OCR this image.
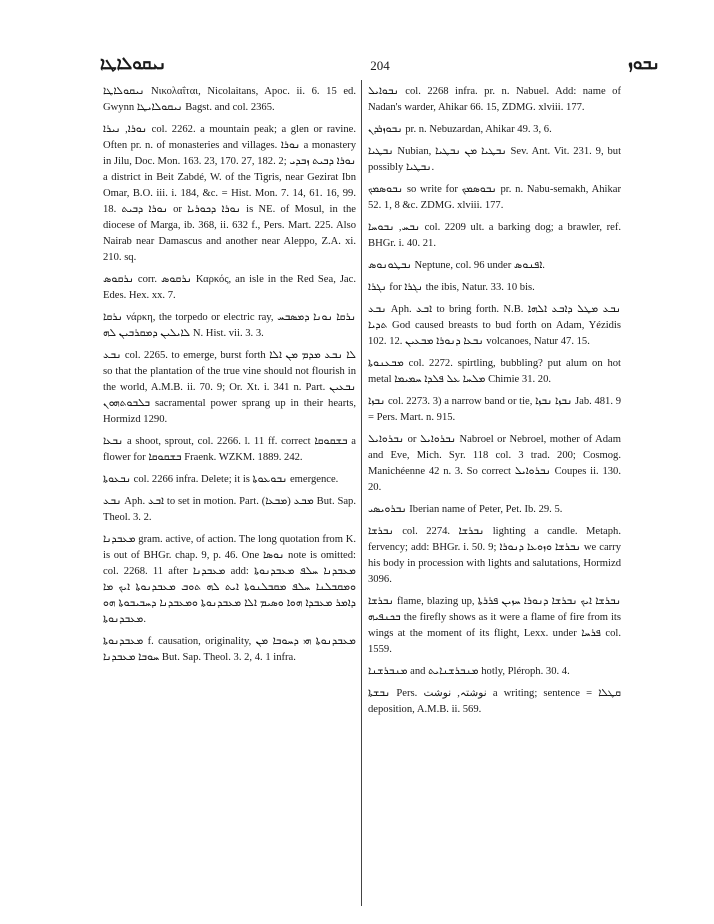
ܢܝܩܘܠܐܛܐ	204	ܢܒܘܙ

ܢܝܩܘܠܐܛܐ Νικολαΐται, Nicolaitans, Apoc. ii. 6. 15 ed. Gwynn ܢܝܩܘܠܐܝܛܐ Bagst. and col. 2365.

ܢܘܪܐ, ܢܝܪܐ col. 2262. a mountain peak; a glen or ravine. Often pr. n. of monasteries and villages. ܢܘܪܐ a monastery in Jilu, Doc. Mon. 163. 23, 170. 27, 182. 2; ܢܘܪܐ ܕܒܝܬ ܙܒܕܝ a district in Beit Zabdé, W. of the Tigris, near Gezirat Ibn Omar, B.O. iii. i. 184, &c. = Hist. Mon. 7. 14, 61. 16, 99. 18. ܢܘܪܐ ܕܒܝܬ or ܢܘܪܐ ܕܟܘܪܝܐ is NE. of Mosul, in the diocese of Marga, ib. 368, ii. 632 f., Pers. Mart. 225. Also Nairab near Damascus and another near Aleppo, Z.A. xi. 210. sq.

ܢܪܩܘܣ corr. ܢܪܩܘܣ Καρκός, an isle in the Red Sea, Jac. Edes. Hex. xx. 7.

ܢܪܩܐ νάρκη, the torpedo or electric ray, ܢܪܩܐ ܢܘܢܐ ܕܡܣܒܚ ܠܐܝܠܝܢ ܕܡܩܪܒܝܢ ܠܗ N. Hist. vii. 3. 3.

ܢܒܥ col. 2265. to emerge, burst forth ܠܐ ܢܒܥ ܡܕܡ ܡܢ ܐܠܐ so that the plantation of the true vine should not flourish in the world, A.M.B. ii. 70. 9; Or. Xt. i. 341 n. Part. ܢܒܥܝܢ ܒܠܒܘܬܗܘܢ sacramental power sprang up in their hearts, Hormizd 1290.

ܢܒܥܐ a shoot, sprout, col. 2266. l. 11 ff. correct ܒܫܩܘܩܐ a flower for ܒܫܩܘܩܐ Fraenk. WZKM. 1889. 242.

ܢܒܥܘܬܐ col. 2266 infra. Delete; it is ܢܒܘܥܘܬܐ emergence.

ܢܒܥ Aph. ܐܒܥ to set in motion. Part. ܡܒܥ (ܡܒܥܐ) But. Sap. Theol. 3. 2.

ܡܥܒܕܢܐ gram. active, of action. The long quotation from K. is out of BHGr. chap. 9, p. 46. One ܢܘܣܐ note is omitted: col. 2268. 11 after ܡܥܒܕܢܐ add: ܡܥܒܕܢܐ ܚܠܦ ܡܥܒܕܢܘܬܐ ܘܡܩܒܠܢܐ ܚܠܦ ܡܩܒܠܢܘܬܐ ܐܝܬ ܠܗ ܬܘܒ ܡܥܒܕܢܘܬܐ ܐܝܟ ܡܐ ܕܐܡܪ ܡܥܒܕܐ ܗܘܐ ܘܣܝܡ ܐܠܐ ܡܥܒܕܢܘܬܐ ܘܡܥܒܕܢܐ ܕܚܒܝܒܘܬܐ ܗܘ ܡܥܒܕܢܘܬܐ.

ܡܥܒܕܢܘܬܐ f. causation, originality, ܡܥܒܕܢܘܬܐ ܗܝ ܕܚܘܒܐ ܡܢ ܚܘܒܐ ܡܥܒܕܢܐ But. Sap. Theol. 3. 2, 4. 1 infra.

ܢܒܘܐܝܠ col. 2268 infra. pr. n. Nabuel. Add: name of Nadan's warder, Ahikar 66. 15, ZDMG. xlviii. 177.

ܢܒܘܙܪܕܢ pr. n. Nebuzardan, Ahikar 49. 3, 6.

ܢܒܛܝܐ Nubian, ܢܒܛܝܐ ܡܢ ܢܒܛܝܐ Sev. Ant. Vit. 231. 9, but possibly ܢܒܛܝܐ.

ܢܒܘܣܡܟ so write for ܢܒܘܣܡܟ pr. n. Nabu-semakh, Ahikar 52. 1, 8 &c. ZDMG. xlviii. 177.

ܢܒܚ, ܢܒܘܚܐ col. 2209 ult. a barking dog; a brawler, ref. BHGr. i. 40. 21.

ܢܒܛܘܢܘܣ Neptune, col. 96 under ܐܦܢܘܣ.

ܢܓܪܐ for ܢܓܪܐ the ibis, Natur. 33. 10 bis.

ܢܒܥ Aph. ܐܒܥ to bring forth. N.B. ܢܒܥ ܡܛܠ ܕܐܒܥ ܐܠܗܐ ܬܕܝܐ God caused breasts to bud forth on Adam, Yézidis 102. 12. ܢܒܥܐ ܕܢܘܪܐ ܡܒܥܝܢ volcanoes, Natur 47. 15.

ܡܒܥܢܘܬܐ col. 2272. spirtling, bubbling? put alum on hot metal ܡܠܚܐ ܥܠ ܦܠܕܐ ܚܡܝܡܐ Chimie 31. 20.

ܢܒܙܐ col. 2273. 3) a narrow band or tie, ܢܒܙܐ ܢܒܙܐ Jab. 481. 9 = Pers. Mart. n. 915.

ܢܒܪܘܐܝܠ or ܢܒܪܘܐܝܠ Nabroel or Nebroel, mother of Adam and Eve, Mich. Syr. 118 col. 3 trad. 200; Cosmog. Manichéenne 42 n. 3. So correct ܢܒܪܘܐܝܠ Coupes ii. 130. 20.

ܢܒܪܘܝܣܝ Iberian name of Peter, Pet. Ib. 29. 5.

ܢܒܪܫܐ col. 2274. ܢܒܪܫܐ lighting a candle. Metaph. fervency; add: BHGr. i. 50. 9; ܢܒܪܫܐ ܘܙܘܥܐ ܕܢܘܪܐ we carry his body in procession with lights and salutations, Hormizd 3096.

ܢܒܪܫܐ flame, blazing up, ܢܒܪܫܐ ܐܝܟ ܢܒܪܫܐ ܕܢܘܪܐ ܚܙܝܢ ܦܪܪܬܐ ܒܟܢܦܝܗ the firefly shows as it were a flame of fire from its wings at the moment of its flight, Lexx. under ܦܪܚܐ col. 1559.

ܡܢܒܪܫܢܐ and ܡܢܒܪܫܢܐܝܬ hotly, Pléroph. 30. 4.

ܢܒܫܬܐ Pers. نوشتہ, نوشت a writing; sentence = ܩܛܠܐ deposition, A.M.B. ii. 569.
